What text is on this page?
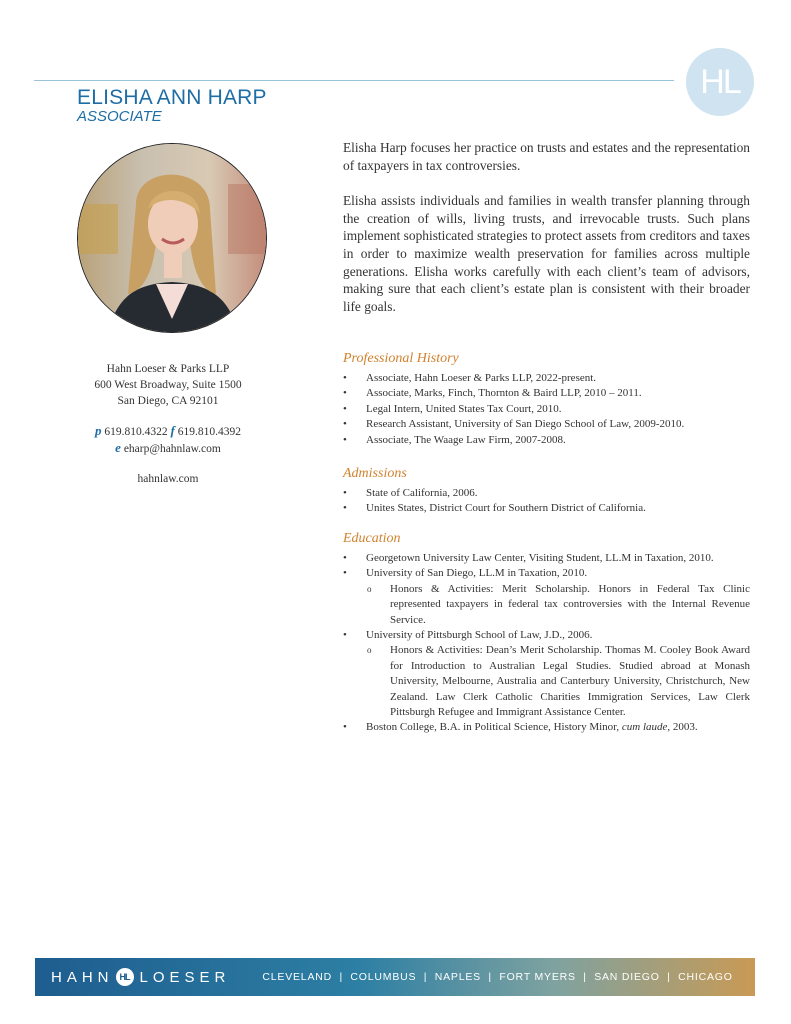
HL
ELISHA ANN HARP
ASSOCIATE
Hahn Loeser & Parks LLP
600 West Broadway, Suite 1500
San Diego, CA 92101
p 619.810.4322 f 619.810.4392
e eharp@hahnlaw.com
hahnlaw.com

Elisha Harp focuses her practice on trusts and estates and the representation of taxpayers in tax controversies.

Elisha assists individuals and families in wealth transfer planning through the creation of wills, living trusts, and irrevocable trusts. Such plans implement sophisticated strategies to protect assets from creditors and taxes in order to maximize wealth preservation for families across multiple generations. Elisha works carefully with each client’s team of advisors, making sure that each client’s estate plan is consistent with their broader life goals.

Professional History
• Associate, Hahn Loeser & Parks LLP, 2022-present.
• Associate, Marks, Finch, Thornton & Baird LLP, 2010 – 2011.
• Legal Intern, United States Tax Court, 2010.
• Research Assistant, University of San Diego School of Law, 2009-2010.
• Associate, The Waage Law Firm, 2007-2008.
Admissions
• State of California, 2006.
• Unites States, District Court for Southern District of California.
Education
• Georgetown University Law Center, Visiting Student, LL.M in Taxation, 2010.
• University of San Diego, LL.M in Taxation, 2010.
o Honors & Activities: Merit Scholarship. Honors in Federal Tax Clinic represented taxpayers in federal tax controversies with the Internal Revenue Service.
• University of Pittsburgh School of Law, J.D., 2006.
o Honors & Activities: Dean’s Merit Scholarship. Thomas M. Cooley Book Award for Introduction to Australian Legal Studies. Studied abroad at Monash University, Melbourne, Australia and Canterbury University, Christchurch, New Zealand. Law Clerk Catholic Charities Immigration Services, Law Clerk Pittsburgh Refugee and Immigrant Assistance Center.
• Boston College, B.A. in Political Science, History Minor, cum laude, 2003.
HAHN HL LOESER	CLEVELAND  |  COLUMBUS  |  NAPLES  |  FORT MYERS  |  SAN DIEGO  |  CHICAGO
